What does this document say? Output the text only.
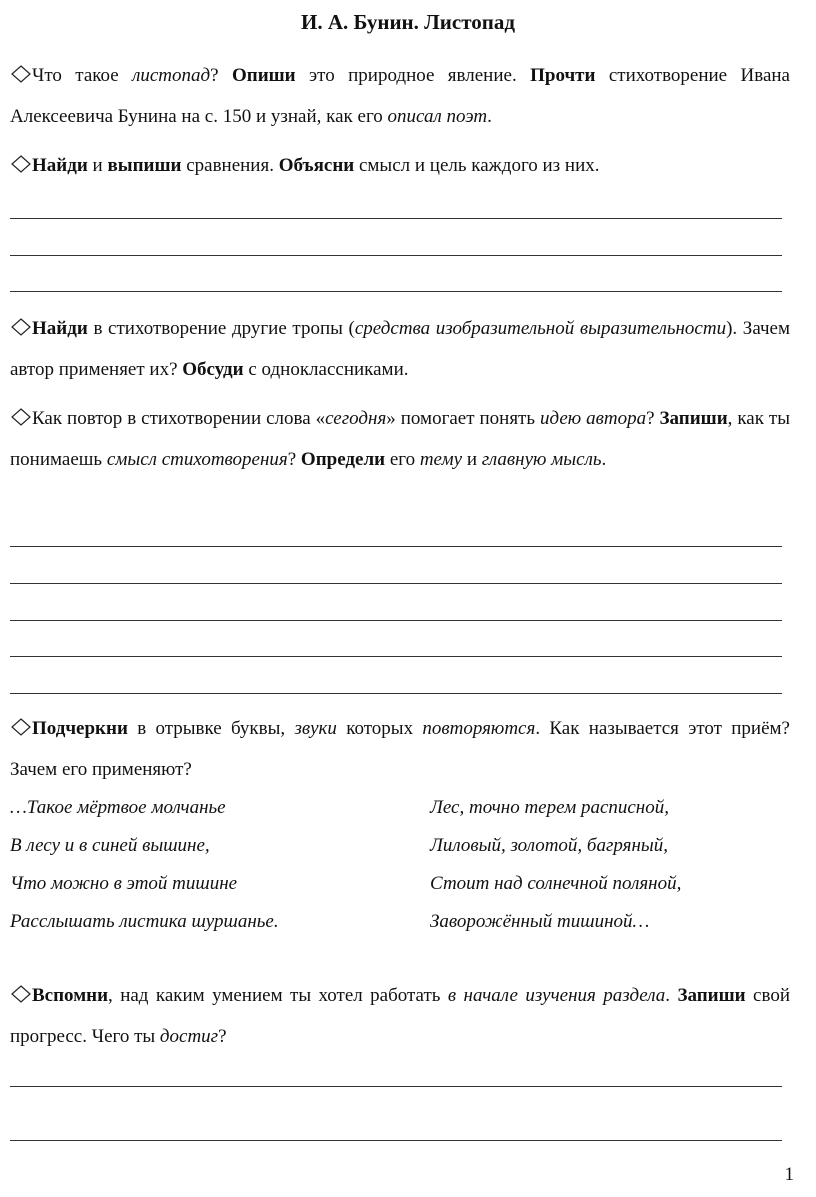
И. А. Бунин. Листопад
Что такое листопад? Опиши это природное явление. Прочти стихотворение Ивана Алексеевича Бунина на с. 150 и узнай, как его описал поэт.
Найди и выпиши сравнения. Объясни смысл и цель каждого из них.
Найди в стихотворение другие тропы (средства изобразительной выразительности). Зачем автор применяет их? Обсуди с одноклассниками.
Как повтор в стихотворении слова «сегодня» помогает понять идею автора? Запиши, как ты понимаешь смысл стихотворения? Определи его тему и главную мысль.
Подчеркни в отрывке буквы, звуки которых повторяются. Как называется этот приём? Зачем его применяют?
…Такое мёртвое молчанье
В лесу и в синей вышине,
Что можно в этой тишине
Расслышать листика шуршанье.
Лес, точно терем расписной,
Лиловый, золотой, багряный,
Стоит над солнечной поляной,
Заворожённый тишиной…
Вспомни, над каким умением ты хотел работать в начале изучения раздела. Запиши свой прогресс. Чего ты достиг?
1
